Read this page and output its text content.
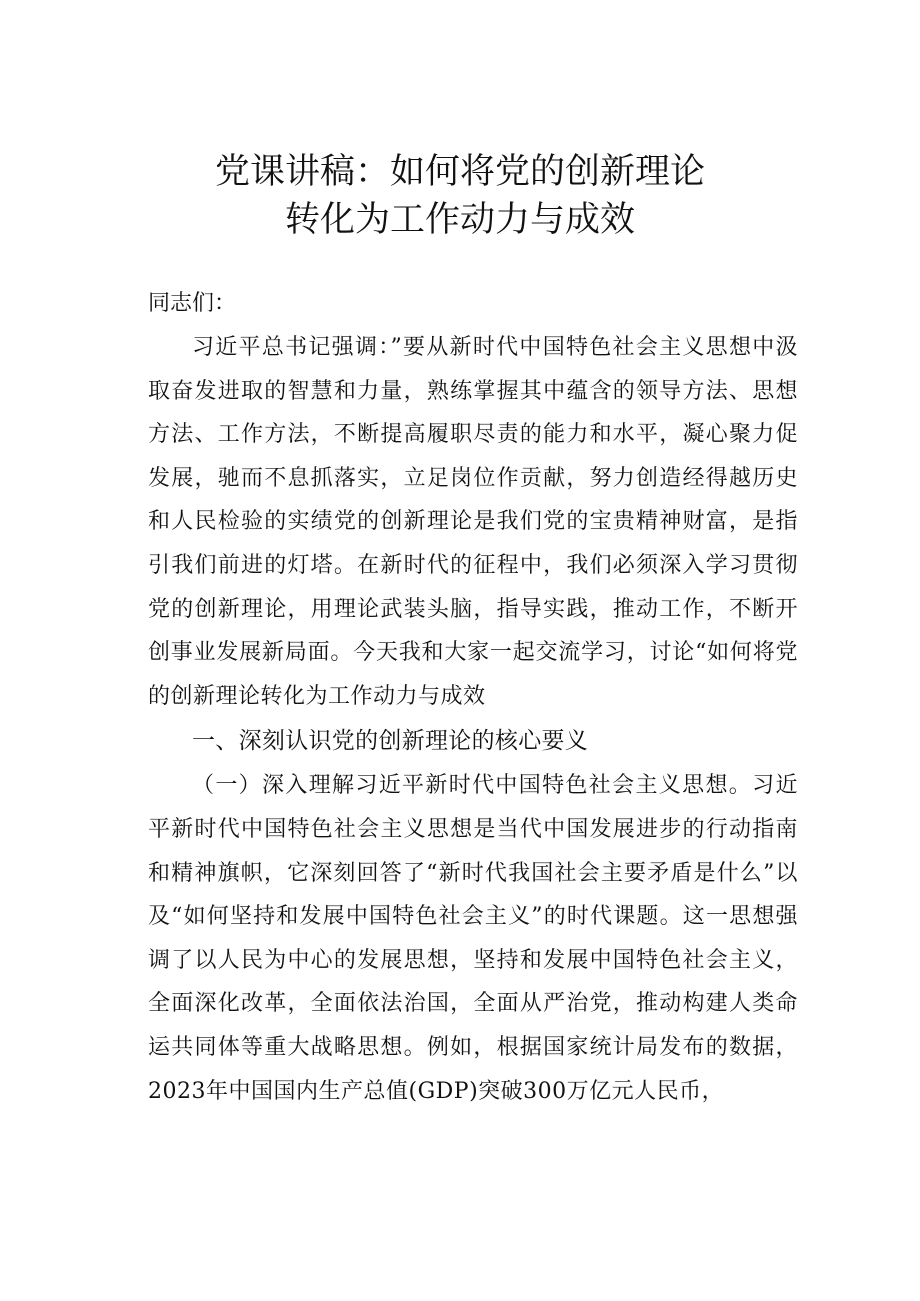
党课讲稿：如何将党的创新理论
转化为工作动力与成效
同志们：

习近平总书记强调：”要从新时代中国特色社会主义思想中汲取奋发进取的智慧和力量，熟练掌握其中蕴含的领导方法、思想方法、工作方法，不断提高履职尽责的能力和水平，凝心聚力促发展，驰而不息抓落实，立足岗位作贡献，努力创造经得越历史和人民检验的实绩党的创新理论是我们党的宝贵精神财富，是指引我们前进的灯塔。在新时代的征程中，我们必须深入学习贯彻党的创新理论，用理论武装头脑，指导实践，推动工作，不断开创事业发展新局面。今天我和大家一起交流学习，讨论“如何将党的创新理论转化为工作动力与成效

一、深刻认识党的创新理论的核心要义

（一）深入理解习近平新时代中国特色社会主义思想。习近平新时代中国特色社会主义思想是当代中国发展进步的行动指南和精神旗帜，它深刻回答了“新时代我国社会主要矛盾是什么”以及“如何坚持和发展中国特色社会主义”的时代课题。这一思想强调了以人民为中心的发展思想，坚持和发展中国特色社会主义，全面深化改革，全面依法治国，全面从严治党，推动构建人类命运共同体等重大战略思想。例如，根据国家统计局发布的数据，2023年中国国内生产总值(GDP)突破300万亿元人民币，
